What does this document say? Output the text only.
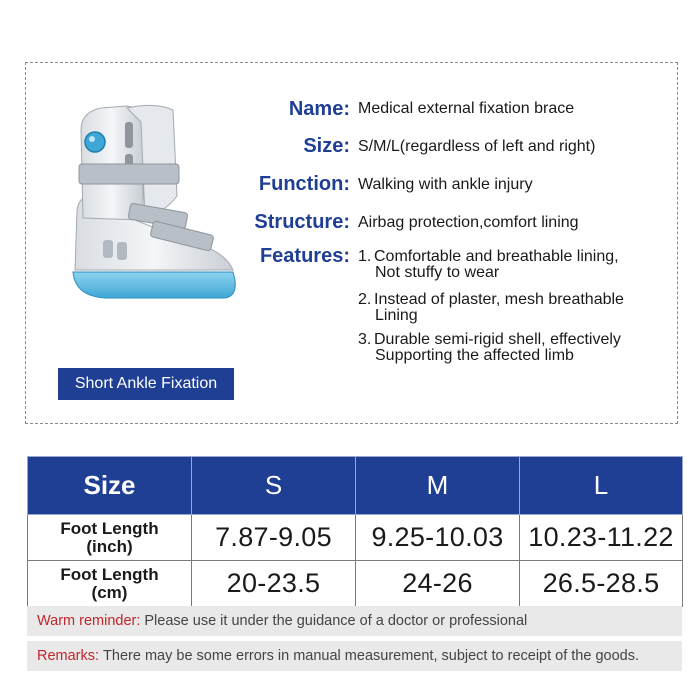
Short Ankle Fixation
Name: Medical external fixation brace
Size: S/M/L(regardless of left and right)
Function: Walking with ankle injury
Structure: Airbag protection,comfort lining
Features: 1. Comfortable and breathable lining,
Not stuffy to wear
2. Instead of plaster, mesh breathable
Lining
3. Durable semi-rigid shell, effectively
Supporting the affected limb
Size	S	M	L

Foot Length
(inch)	7.87-9.05	9.25-10.03	10.23-11.22

Foot Length
(cm)	20-23.5	24-26	26.5-28.5
Warm reminder: Please use it under the guidance of a doctor or professional
Remarks: There may be some errors in manual measurement, subject to receipt of the goods.
